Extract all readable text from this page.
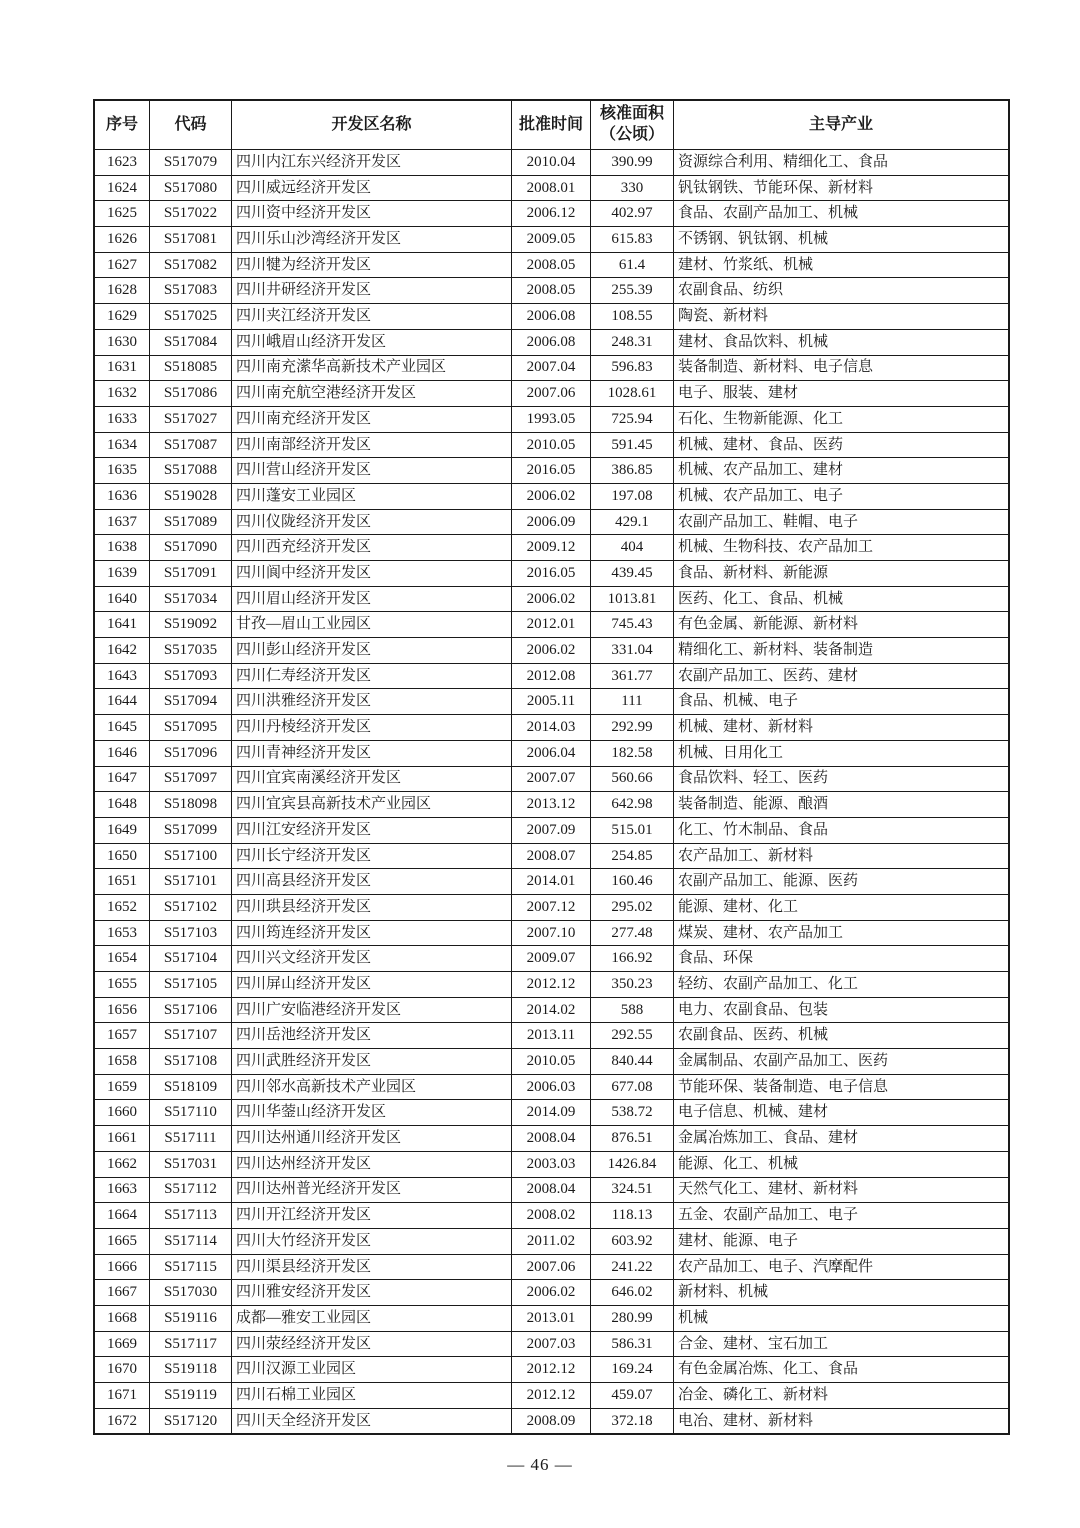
序号	代码	开发区名称	批准时间	核准面积（公顷）	主导产业
1623	S517079	四川内江东兴经济开发区	2010.04	390.99	资源综合利用、精细化工、食品
1624	S517080	四川威远经济开发区	2008.01	330	钒钛钢铁、节能环保、新材料
1625	S517022	四川资中经济开发区	2006.12	402.97	食品、农副产品加工、机械
1626	S517081	四川乐山沙湾经济开发区	2009.05	615.83	不锈钢、钒钛钢、机械
1627	S517082	四川犍为经济开发区	2008.05	61.4	建材、竹浆纸、机械
1628	S517083	四川井研经济开发区	2008.05	255.39	农副食品、纺织
1629	S517025	四川夹江经济开发区	2006.08	108.55	陶瓷、新材料
1630	S517084	四川峨眉山经济开发区	2006.08	248.31	建材、食品饮料、机械
1631	S518085	四川南充潆华高新技术产业园区	2007.04	596.83	装备制造、新材料、电子信息
1632	S517086	四川南充航空港经济开发区	2007.06	1028.61	电子、服装、建材
1633	S517027	四川南充经济开发区	1993.05	725.94	石化、生物新能源、化工
1634	S517087	四川南部经济开发区	2010.05	591.45	机械、建材、食品、医药
1635	S517088	四川营山经济开发区	2016.05	386.85	机械、农产品加工、建材
1636	S519028	四川蓬安工业园区	2006.02	197.08	机械、农产品加工、电子
1637	S517089	四川仪陇经济开发区	2006.09	429.1	农副产品加工、鞋帽、电子
1638	S517090	四川西充经济开发区	2009.12	404	机械、生物科技、农产品加工
1639	S517091	四川阆中经济开发区	2016.05	439.45	食品、新材料、新能源
1640	S517034	四川眉山经济开发区	2006.02	1013.81	医药、化工、食品、机械
1641	S519092	甘孜—眉山工业园区	2012.01	745.43	有色金属、新能源、新材料
1642	S517035	四川彭山经济开发区	2006.02	331.04	精细化工、新材料、装备制造
1643	S517093	四川仁寿经济开发区	2012.08	361.77	农副产品加工、医药、建材
1644	S517094	四川洪雅经济开发区	2005.11	111	食品、机械、电子
1645	S517095	四川丹棱经济开发区	2014.03	292.99	机械、建材、新材料
1646	S517096	四川青神经济开发区	2006.04	182.58	机械、日用化工
1647	S517097	四川宜宾南溪经济开发区	2007.07	560.66	食品饮料、轻工、医药
1648	S518098	四川宜宾县高新技术产业园区	2013.12	642.98	装备制造、能源、酿酒
1649	S517099	四川江安经济开发区	2007.09	515.01	化工、竹木制品、食品
1650	S517100	四川长宁经济开发区	2008.07	254.85	农产品加工、新材料
1651	S517101	四川高县经济开发区	2014.01	160.46	农副产品加工、能源、医药
1652	S517102	四川珙县经济开发区	2007.12	295.02	能源、建材、化工
1653	S517103	四川筠连经济开发区	2007.10	277.48	煤炭、建材、农产品加工
1654	S517104	四川兴文经济开发区	2009.07	166.92	食品、环保
1655	S517105	四川屏山经济开发区	2012.12	350.23	轻纺、农副产品加工、化工
1656	S517106	四川广安临港经济开发区	2014.02	588	电力、农副食品、包装
1657	S517107	四川岳池经济开发区	2013.11	292.55	农副食品、医药、机械
1658	S517108	四川武胜经济开发区	2010.05	840.44	金属制品、农副产品加工、医药
1659	S518109	四川邻水高新技术产业园区	2006.03	677.08	节能环保、装备制造、电子信息
1660	S517110	四川华蓥山经济开发区	2014.09	538.72	电子信息、机械、建材
1661	S517111	四川达州通川经济开发区	2008.04	876.51	金属冶炼加工、食品、建材
1662	S517031	四川达州经济开发区	2003.03	1426.84	能源、化工、机械
1663	S517112	四川达州普光经济开发区	2008.04	324.51	天然气化工、建材、新材料
1664	S517113	四川开江经济开发区	2008.02	118.13	五金、农副产品加工、电子
1665	S517114	四川大竹经济开发区	2011.02	603.92	建材、能源、电子
1666	S517115	四川渠县经济开发区	2007.06	241.22	农产品加工、电子、汽摩配件
1667	S517030	四川雅安经济开发区	2006.02	646.02	新材料、机械
1668	S519116	成都—雅安工业园区	2013.01	280.99	机械
1669	S517117	四川荥经经济开发区	2007.03	586.31	合金、建材、宝石加工
1670	S519118	四川汉源工业园区	2012.12	169.24	有色金属冶炼、化工、食品
1671	S519119	四川石棉工业园区	2012.12	459.07	冶金、磷化工、新材料
1672	S517120	四川天全经济开发区	2008.09	372.18	电冶、建材、新材料
— 46 —
